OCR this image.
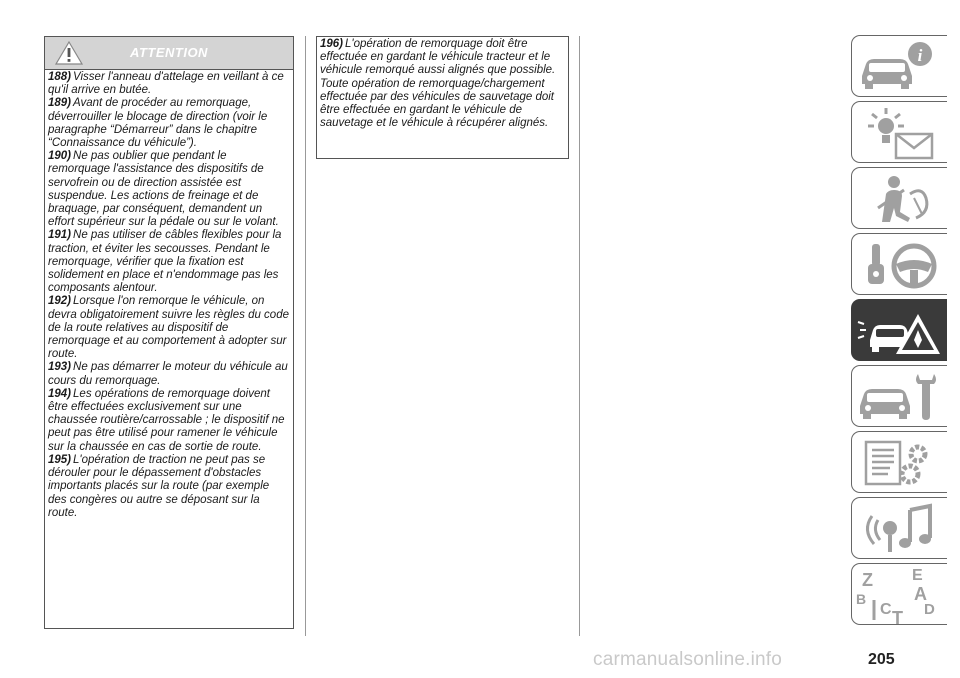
ATTENTION

188) Visser l'anneau d'attelage en veillant à ce qu'il arrive en butée.

189) Avant de procéder au remorquage, déverrouiller le blocage de direction (voir le paragraphe “Démarreur” dans le chapitre “Connaissance du véhicule”).

190) Ne pas oublier que pendant le remorquage l'assistance des dispositifs de servofrein ou de direction assistée est suspendue. Les actions de freinage et de braquage, par conséquent, demandent un effort supérieur sur la pédale ou sur le volant.

191) Ne pas utiliser de câbles flexibles pour la traction, et éviter les secousses. Pendant le remorquage, vérifier que la fixation est solidement en place et n'endommage pas les composants alentour.

192) Lorsque l'on remorque le véhicule, on devra obligatoirement suivre les règles du code de la route relatives au dispositif de remorquage et au comportement à adopter sur route.

193) Ne pas démarrer le moteur du véhicule au cours du remorquage.

194) Les opérations de remorquage doivent être effectuées exclusivement sur une chaussée routière/carrossable ; le dispositif ne peut pas être utilisé pour ramener le véhicule sur la chaussée en cas de sortie de route.

195) L'opération de traction ne peut pas se dérouler pour le dépassement d'obstacles importants placés sur la route (par exemple des congères ou autre se déposant sur la route.

196) L'opération de remorquage doit être effectuée en gardant le véhicule tracteur et le véhicule remorqué aussi alignés que possible. Toute opération de remorquage/chargement effectuée par des véhicules de sauvetage doit être effectuée en gardant le véhicule de sauvetage et le véhicule à récupérer alignés.

i
Z E
B	A
C D
T
carmanualsonline.info	205
